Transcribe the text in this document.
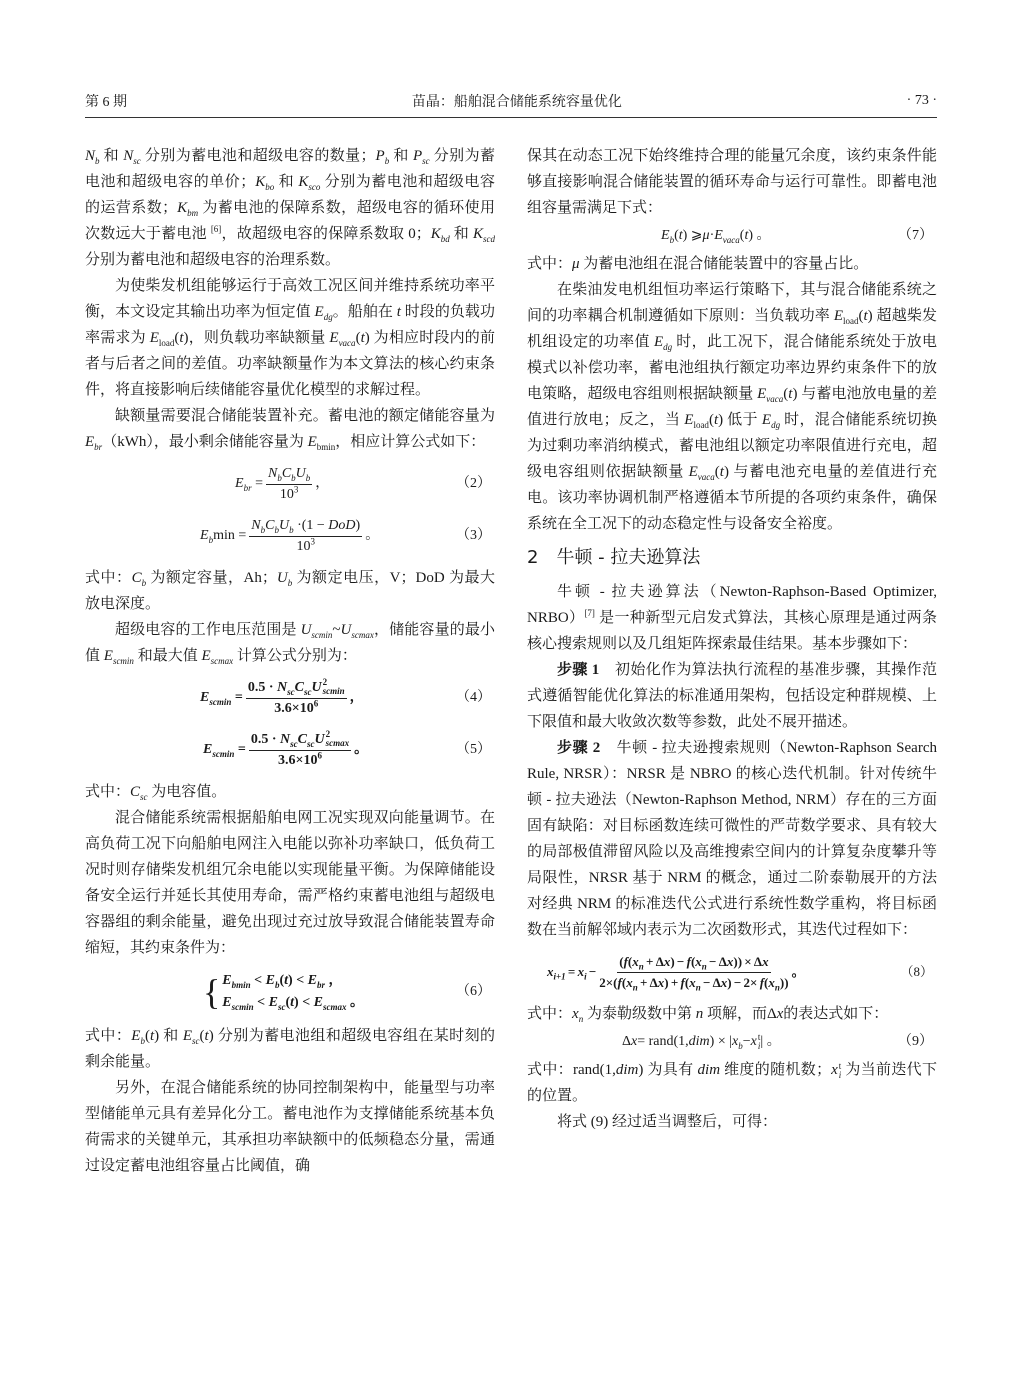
第 6 期	苗晶：船舶混合储能系统容量优化	· 73 ·

$N_b$ 和 $N_{sc}$ 分别为蓄电池和超级电容的数量；$P_b$ 和 $P_{sc}$ 分别为蓄电池和超级电容的单价；$K_{bo}$ 和 $K_{sco}$ 分别为蓄电池和超级电容的运营系数；$K_{bm}$ 为蓄电池的保障系数，超级电容的循环使用次数远大于蓄电池 [6]，故超级电容的保障系数取 0；$K_{bd}$ 和 $K_{scd}$ 分别为蓄电池和超级电容的治理系数。

为使柴发机组能够运行于高效工况区间并维持系统功率平衡，本文设定其输出功率为恒定值 $E_{dg}$。船舶在 t 时段的负载功率需求为 $E_{load}(t)$，则负载功率缺额量 $E_{vaca}(t)$ 为相应时段内的前者与后者之间的差值。功率缺额量作为本文算法的核心约束条件，将直接影响后续储能容量优化模型的求解过程。

缺额量需要混合储能装置补充。蓄电池的额定储能容量为 $E_{br}(kWh)$，最小剩余储能容量为 $E_{bmin}$，相应计算公式如下：

$E_{br} = \frac{N_bC_bU_b}{10^3}$ ，	（2）
$E_b\min = \frac{N_bC_bU_b \cdot(1 - DoD)}{10^3}$ 。	（3）

式中：$C_b$ 为额定容量，Ah；$U_b$ 为额定电压，V；DoD 为最大放电深度。

超级电容的工作电压范围是 $U_{scmin}\sim U_{scmax}$，储能容量的最小值 $E_{scmin}$ 和最大值 $E_{scmax}$ 计算公式分别为：

$E_{scmin} = 0.5 \cdot N_{sc}C_{sc}U$ 2
scmin
$3.6\times 10^6$ ，	（4）
$E_{scmin} = 0.5 \cdot N_{sc}C_{sc}U$ 2
scmax
$3.6\times 10^6$ 。	（5）

式中：$C_{sc}$ 为电容值。

混合储能系统需根据船舶电网工况实现双向能量调节。在高负荷工况下向船舶电网注入电能以弥补功率缺口，低负荷工况时则存储柴发机组冗余电能以实现能量平衡。为保障储能设备安全运行并延长其使用寿命，需严格约束蓄电池组与超级电容器组的剩余能量，避免出现过充过放导致混合储能装置寿命缩短，其约束条件为：

{ $E_{bmin} < E_b(t) < E_{br}$ ，
$E_{scmin} < E_{sc}(t) < E_{scmax}$ 。
（6）

式中：$E_b(t)$ 和 $E_{sc}(t)$ 分别为蓄电池组和超级电容组在某时刻的剩余能量。

另外，在混合储能系统的协同控制架构中，能量型与功率型储能单元具有差异化分工。蓄电池作为支撑储能系统基本负荷需求的关键单元，其承担功率缺额中的低频稳态分量，需通过设定蓄电池组容量占比阈值，确

保其在动态工况下始终维持合理的能量冗余度，该约束条件能够直接影响混合储能装置的循环寿命与运行可靠性。即蓄电池组容量需满足下式：

$E_b$ ( t ) ⩾ $\mu \cdot E_{vaca}$ ( t ) 。	（7）

式中：μ 为蓄电池组在混合储能装置中的容量占比。

在柴油发电机组恒功率运行策略下，其与混合储能系统之间的功率耦合机制遵循如下原则：当负载功率 $E_{load}(t)$ 超越柴发机组设定的功率值 $E_{dg}$ 时，此工况下，混合储能系统处于放电模式以补偿功率，蓄电池组执行额定功率边界约束条件下的放电策略，超级电容组则根据缺额量 $E_{vaca}(t)$ 与蓄电池放电量的差值进行放电；反之，当 $E_{load}(t)$ 低于 $E_{dg}$ 时，混合储能系统切换为过剩功率消纳模式，蓄电池组以额定功率限值进行充电，超级电容组则依据缺额量 $E_{vaca}(t)$ 与蓄电池充电量的差值进行充电。该功率协调机制严格遵循本节所提的各项约束条件，确保系统在全工况下的动态稳定性与设备安全裕度。

2　牛顿 - 拉夫逊算法

牛顿 - 拉夫逊算法（Newton-Raphson-Based Optimizer, NRBO）[7] 是一种新型元启发式算法，其核心原理是通过两条核心搜索规则以及几组矩阵探索最佳结果。基本步骤如下：

步骤 1　初始化作为算法执行流程的基准步骤，其操作范式遵循智能优化算法的标准通用架构，包括设定种群规模、上下限值和最大收敛次数等参数，此处不展开描述。

步骤 2　牛顿 - 拉夫逊搜索规则（Newton-Raphson Search Rule, NRSR）：NRSR 是 NBRO 的核心迭代机制。针对传统牛顿 - 拉夫逊法（Newton-Raphson Method, NRM）存在的三方面固有缺陷：对目标函数连续可微性的严苛数学要求、具有较大的局部极值滞留风险以及高维搜索空间内的计算复杂度攀升等局限性，NRSR 基于 NRM 的概念，通过二阶泰勒展开的方法对经典 NRM 的标准迭代公式进行系统性数学重构，将目标函数在当前解邻域内表示为二次函数形式，其迭代过程如下：

$x_{i+1} = x_i - \frac{(f(x_n + \Delta x) - f(x_n - \Delta x)) \times \Delta x}{2\times(f(x_n + \Delta x) + f(x_n - \Delta x) - 2\times f(x_n))}$ 。	（8）

式中：$x_n$ 为泰勒级数中第 n 项解，而Δx的表达式如下：

Δ x = rand(1, dim ) × | $x_b - x$ t
i | 。	（9）

式中：rand(1,dim) 为具有 dim 维度的随机数；x t
i 为当前迭代下的位置。

将式 (9) 经过适当调整后，可得：
